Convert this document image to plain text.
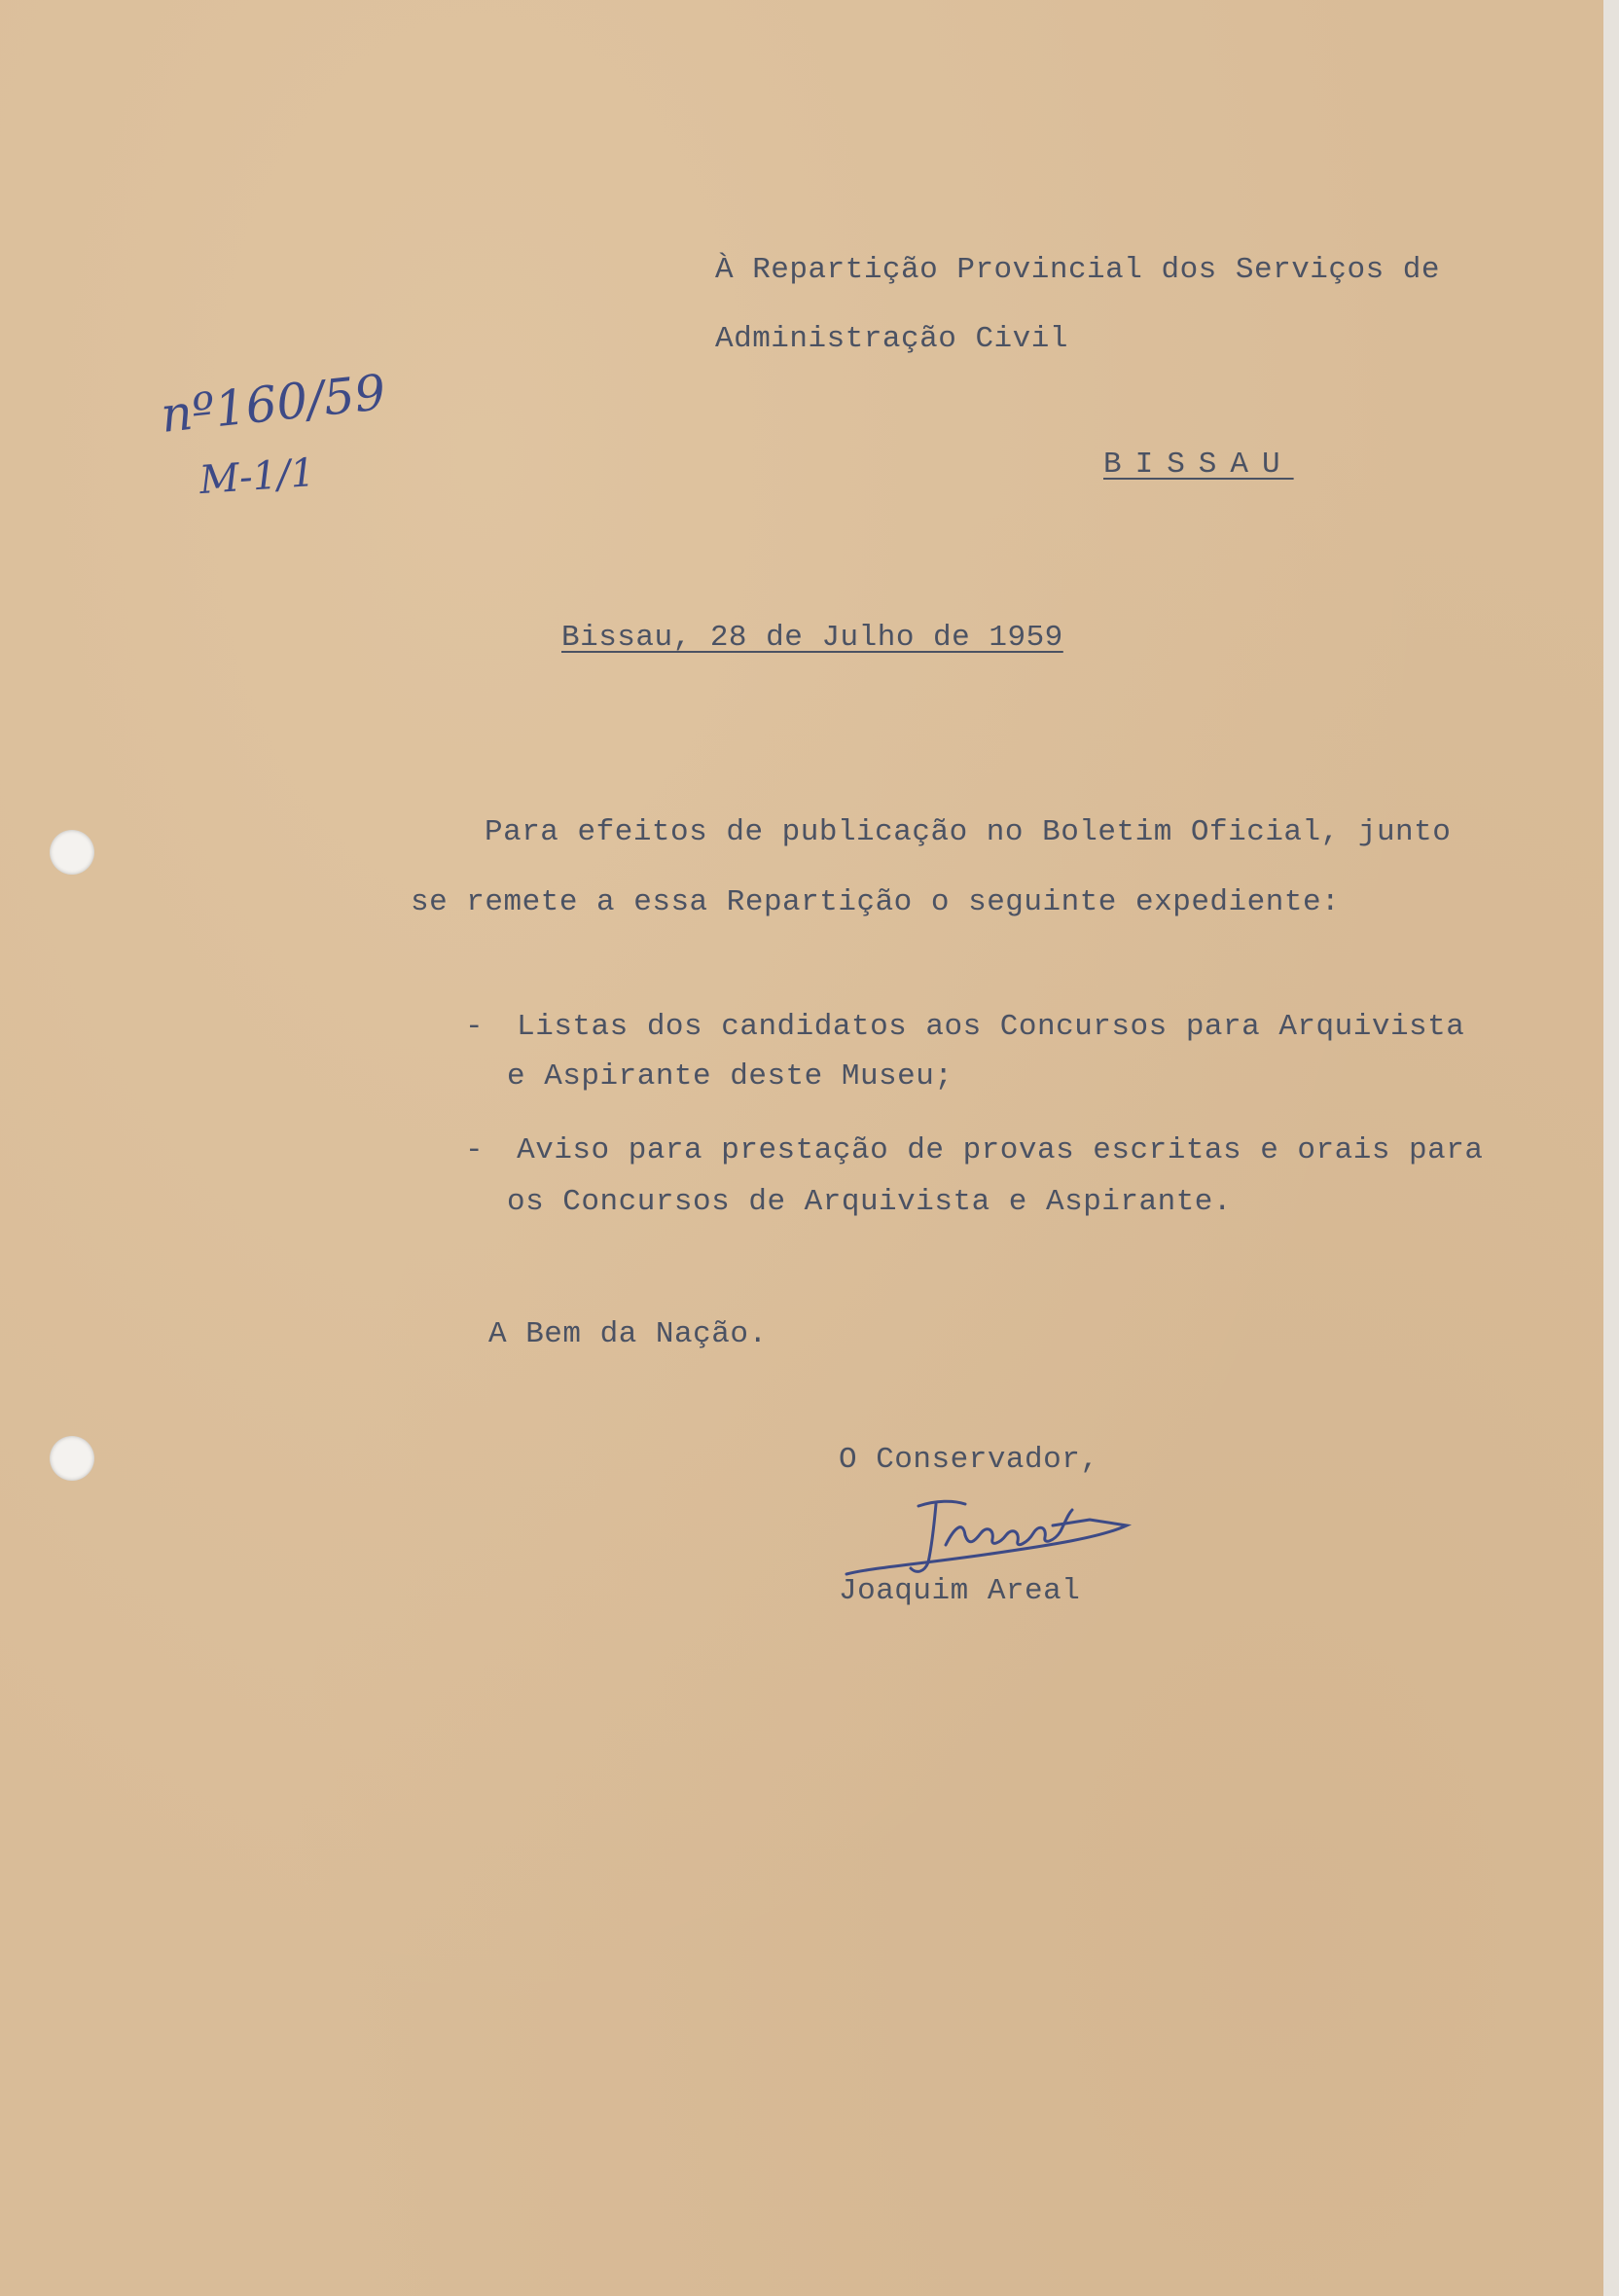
À Repartição Provincial dos Serviços de

Administração Civil

BISSAU

nº160/59
M-1/1

Bissau, 28 de Julho de 1959

Para efeitos de publicação no Boletim Oficial, junto

se remete a essa Repartição o seguinte expediente:

- Listas dos candidatos aos Concursos para Arquivista

e Aspirante deste Museu;

- Aviso para prestação de provas escritas e orais para

os Concursos de Arquivista e Aspirante.

A Bem da Nação.

O Conservador,

Joaquim Areal
